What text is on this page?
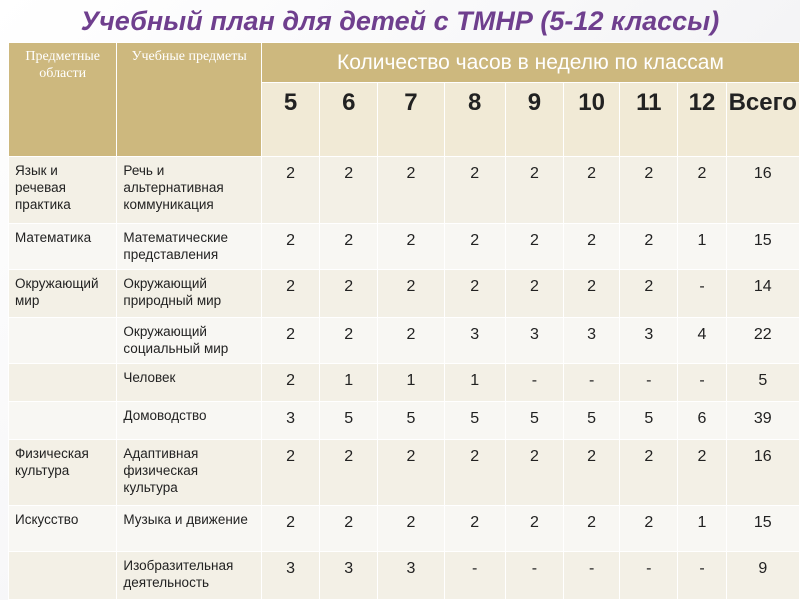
Учебный план для детей с ТМНР (5-12 классы)
Предметные области	Учебные предметы	Количество часов в неделю по классам								
		5	6	7	8	9	10	11	12	Всего
Язык и речевая практика	Речь и альтернативная коммуникация	2	2	2	2	2	2	2	2	16
Математика	Математические представления	2	2	2	2	2	2	2	1	15
Окружающий мир	Окружающий природный мир	2	2	2	2	2	2	2	-	14
	Окружающий социальный мир	2	2	2	3	3	3	3	4	22
	Человек	2	1	1	1	-	-	-	-	5
	Домоводство	3	5	5	5	5	5	5	6	39
Физическая культура	Адаптивная физическая культура	2	2	2	2	2	2	2	2	16
Искусство	Музыка и движение	2	2	2	2	2	2	2	1	15
	Изобразительная деятельность	3	3	3	-	-	-	-	-	9
